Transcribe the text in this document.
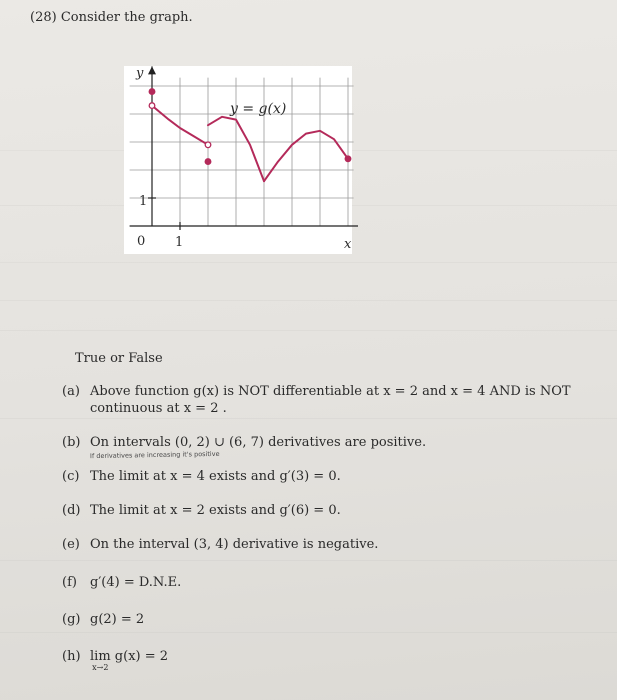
(28) Consider the graph.
y
x
0 1
1
y = g(x)
True or False
(a) Above function g(x) is NOT differentiable at x = 2 and x = 4 AND is NOT
continuous at x = 2 .
(b) On intervals (0, 2) ∪ (6, 7) derivatives are positive.
If derivatives are increasing it's positive
(c) The limit at x = 4 exists and g′(3) = 0.
(d) The limit at x = 2 exists and g′(6) = 0.
(e) On the interval (3, 4) derivative is negative.
(f) g′(4) = D.N.E.
(g) g(2) = 2
(h) lim
x→2
g(x) = 2
